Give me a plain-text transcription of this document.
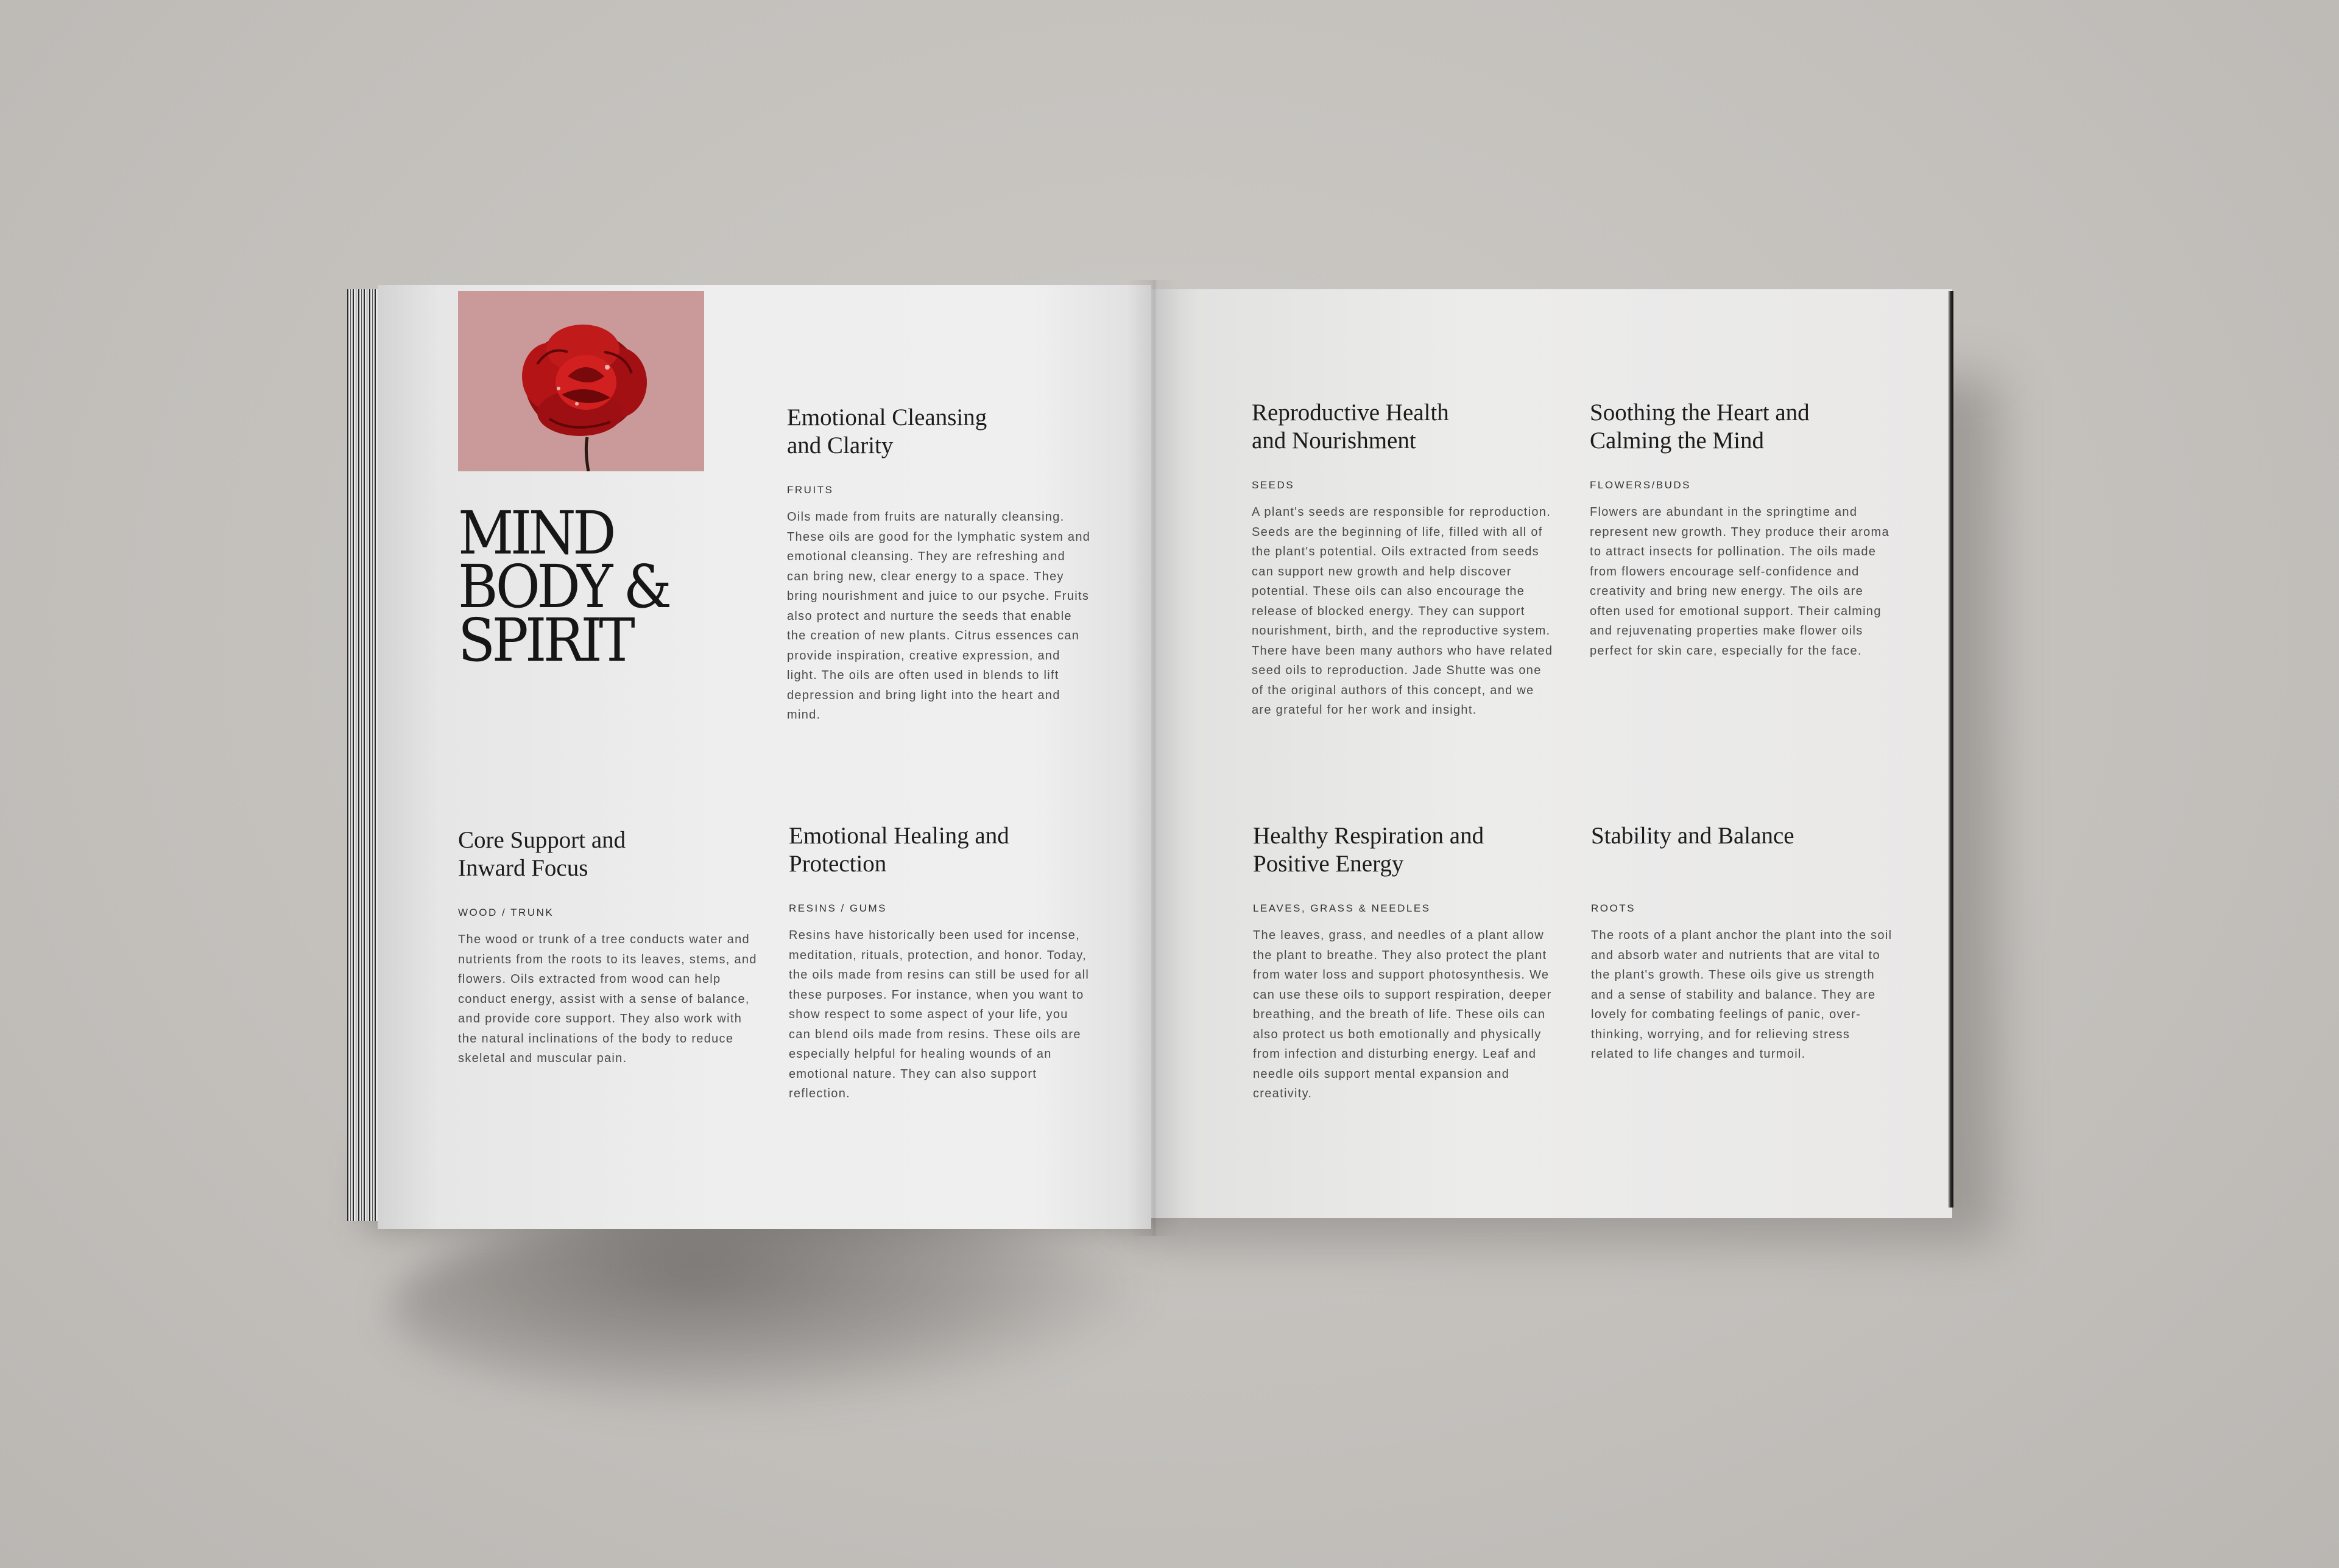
MIND
BODY &
SPIRIT
Emotional Cleansing and Clarity
FRUITS

Oils made from fruits are naturally cleansing. These oils are good for the lymphatic system and emotional cleansing. They are refreshing and can bring new, clear energy to a space. They bring nourishment and juice to our psyche. Fruits also protect and nurture the seeds that enable the creation of new plants. Citrus essences can provide inspiration, creative expression, and light. The oils are often used in blends to lift depression and bring light into the heart and mind.

Reproductive Health and Nourishment
SEEDS

A plant's seeds are responsible for reproduction. Seeds are the beginning of life, filled with all of the plant's potential. Oils extracted from seeds can support new growth and help discover potential. These oils can also encourage the release of blocked energy. They can support nourishment, birth, and the reproductive system. There have been many authors who have related seed oils to reproduction. Jade Shutte was one of the original authors of this concept, and we are grateful for her work and insight.

Soothing the Heart and Calming the Mind
FLOWERS/BUDS

Flowers are abundant in the springtime and represent new growth. They produce their aroma to attract insects for pollination. The oils made from flowers encourage self-confidence and creativity and bring new energy. The oils are often used for emotional support. Their calming and rejuvenating properties make flower oils perfect for skin care, especially for the face.

Core Support and Inward Focus
WOOD / TRUNK

The wood or trunk of a tree conducts water and nutrients from the roots to its leaves, stems, and flowers. Oils extracted from wood can help conduct energy, assist with a sense of balance, and provide core support. They also work with the natural inclinations of the body to reduce skeletal and muscular pain.

Emotional Healing and Protection
RESINS / GUMS

Resins have historically been used for incense, meditation, rituals, protection, and honor. Today, the oils made from resins can still be used for all these purposes. For instance, when you want to show respect to some aspect of your life, you can blend oils made from resins. These oils are especially helpful for healing wounds of an emotional nature. They can also support reflection.

Healthy Respiration and Positive Energy
LEAVES, GRASS & NEEDLES

The leaves, grass, and needles of a plant allow the plant to breathe. They also protect the plant from water loss and support photosynthesis. We can use these oils to support respiration, deeper breathing, and the breath of life. These oils can also protect us both emotionally and physically from infection and disturbing energy. Leaf and needle oils support mental expansion and creativity.

Stability and Balance
ROOTS

The roots of a plant anchor the plant into the soil and absorb water and nutrients that are vital to the plant's growth. These oils give us strength and a sense of stability and balance. They are lovely for combating feelings of panic, over-thinking, worrying, and for relieving stress related to life changes and turmoil.
